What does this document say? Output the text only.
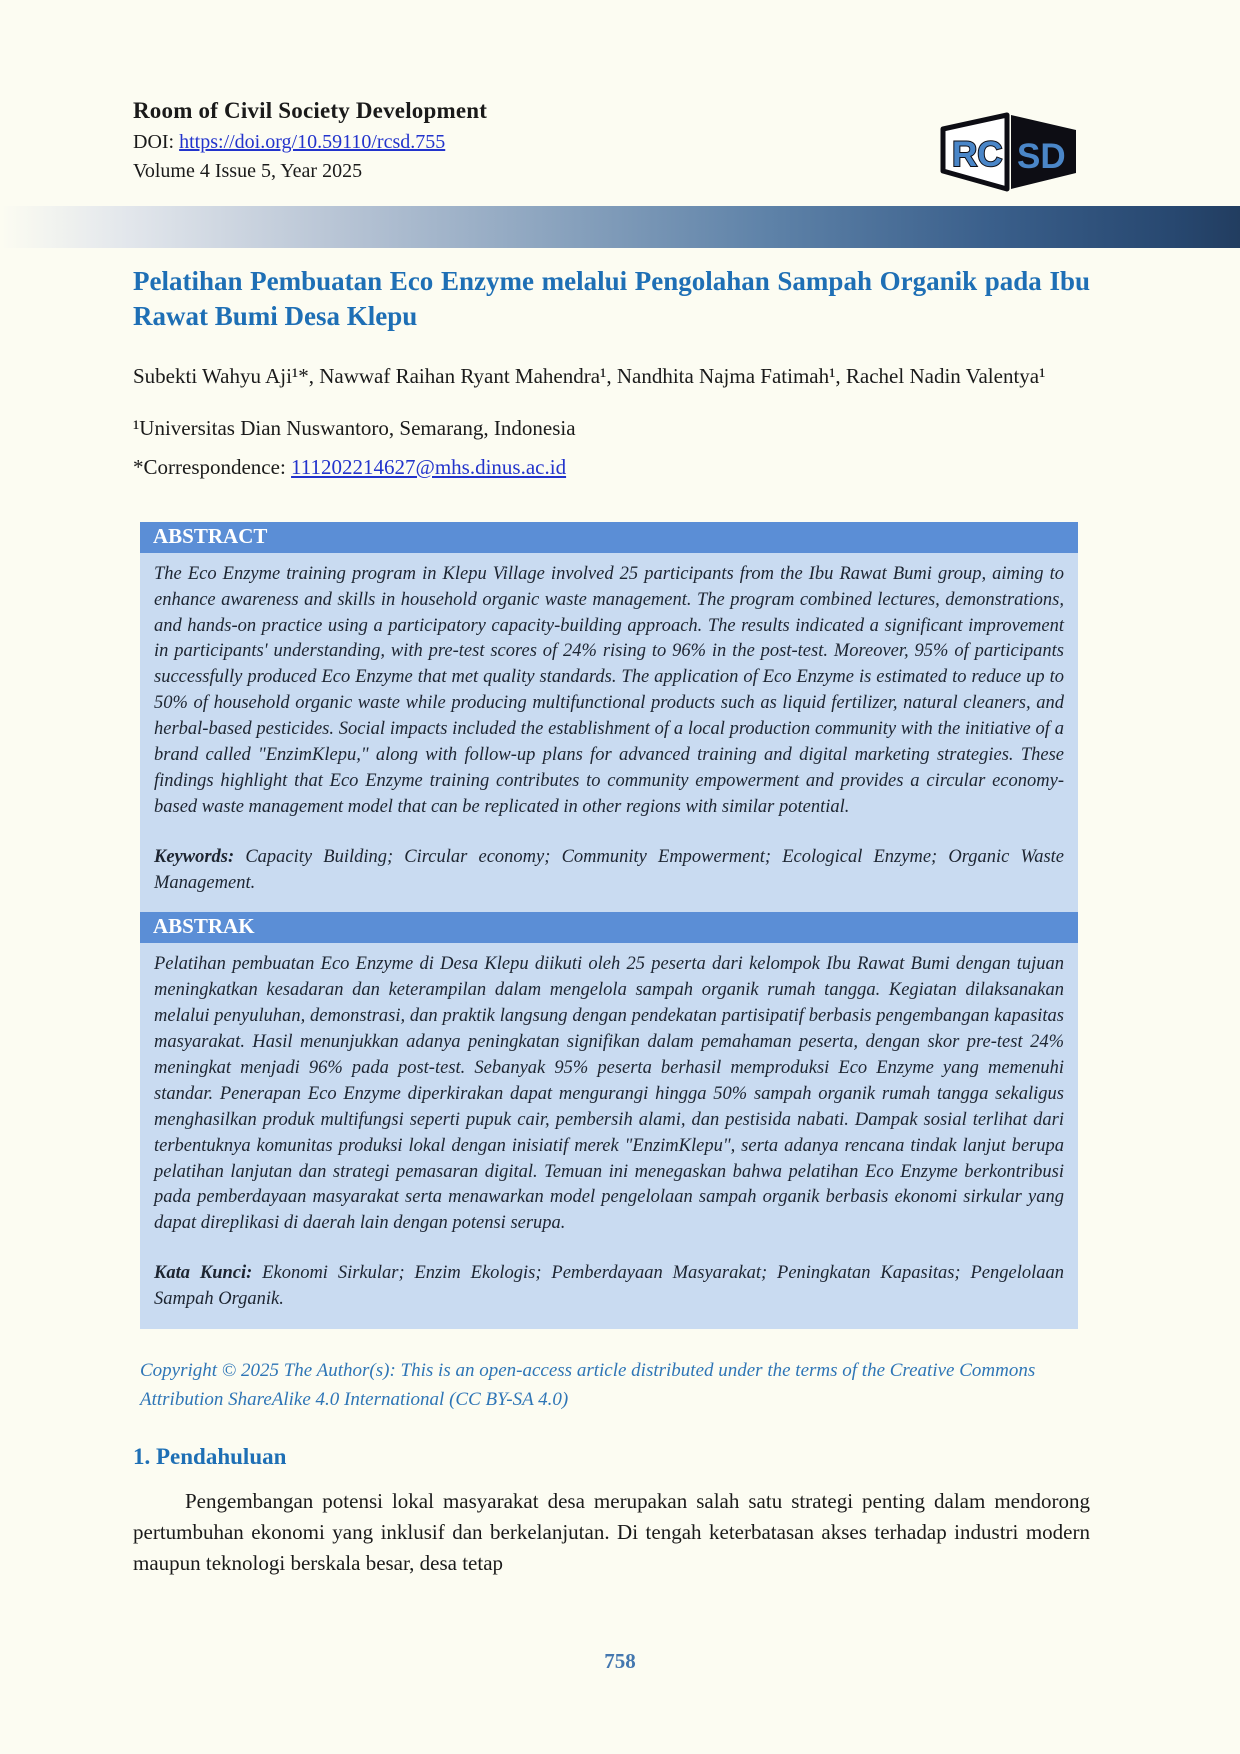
Room of Civil Society Development
DOI: https://doi.org/10.59110/rcsd.755
Volume 4 Issue 5, Year 2025	RC SD
Pelatihan Pembuatan Eco Enzyme melalui Pengolahan Sampah Organik pada Ibu Rawat Bumi Desa Klepu

Subekti Wahyu Aji¹*, Nawwaf Raihan Ryant Mahendra¹, Nandhita Najma Fatimah¹, Rachel Nadin Valentya¹

¹Universitas Dian Nuswantoro, Semarang, Indonesia

*Correspondence: 111202214627@mhs.dinus.ac.id

ABSTRACT

The Eco Enzyme training program in Klepu Village involved 25 participants from the Ibu Rawat Bumi group, aiming to enhance awareness and skills in household organic waste management. The program combined lectures, demonstrations, and hands-on practice using a participatory capacity-building approach. The results indicated a significant improvement in participants' understanding, with pre-test scores of 24% rising to 96% in the post-test. Moreover, 95% of participants successfully produced Eco Enzyme that met quality standards. The application of Eco Enzyme is estimated to reduce up to 50% of household organic waste while producing multifunctional products such as liquid fertilizer, natural cleaners, and herbal-based pesticides. Social impacts included the establishment of a local production community with the initiative of a brand called "EnzimKlepu," along with follow-up plans for advanced training and digital marketing strategies. These findings highlight that Eco Enzyme training contributes to community empowerment and provides a circular economy-based waste management model that can be replicated in other regions with similar potential.

Keywords: Capacity Building; Circular economy; Community Empowerment; Ecological Enzyme; Organic Waste Management.

ABSTRAK

Pelatihan pembuatan Eco Enzyme di Desa Klepu diikuti oleh 25 peserta dari kelompok Ibu Rawat Bumi dengan tujuan meningkatkan kesadaran dan keterampilan dalam mengelola sampah organik rumah tangga. Kegiatan dilaksanakan melalui penyuluhan, demonstrasi, dan praktik langsung dengan pendekatan partisipatif berbasis pengembangan kapasitas masyarakat. Hasil menunjukkan adanya peningkatan signifikan dalam pemahaman peserta, dengan skor pre-test 24% meningkat menjadi 96% pada post-test. Sebanyak 95% peserta berhasil memproduksi Eco Enzyme yang memenuhi standar. Penerapan Eco Enzyme diperkirakan dapat mengurangi hingga 50% sampah organik rumah tangga sekaligus menghasilkan produk multifungsi seperti pupuk cair, pembersih alami, dan pestisida nabati. Dampak sosial terlihat dari terbentuknya komunitas produksi lokal dengan inisiatif merek "EnzimKlepu", serta adanya rencana tindak lanjut berupa pelatihan lanjutan dan strategi pemasaran digital. Temuan ini menegaskan bahwa pelatihan Eco Enzyme berkontribusi pada pemberdayaan masyarakat serta menawarkan model pengelolaan sampah organik berbasis ekonomi sirkular yang dapat direplikasi di daerah lain dengan potensi serupa.

Kata Kunci: Ekonomi Sirkular; Enzim Ekologis; Pemberdayaan Masyarakat; Peningkatan Kapasitas; Pengelolaan Sampah Organik.

Copyright © 2025 The Author(s): This is an open-access article distributed under the terms of the Creative Commons Attribution ShareAlike 4.0 International (CC BY-SA 4.0)

1. Pendahuluan

Pengembangan potensi lokal masyarakat desa merupakan salah satu strategi penting dalam mendorong pertumbuhan ekonomi yang inklusif dan berkelanjutan. Di tengah keterbatasan akses terhadap industri modern maupun teknologi berskala besar, desa tetap

758
